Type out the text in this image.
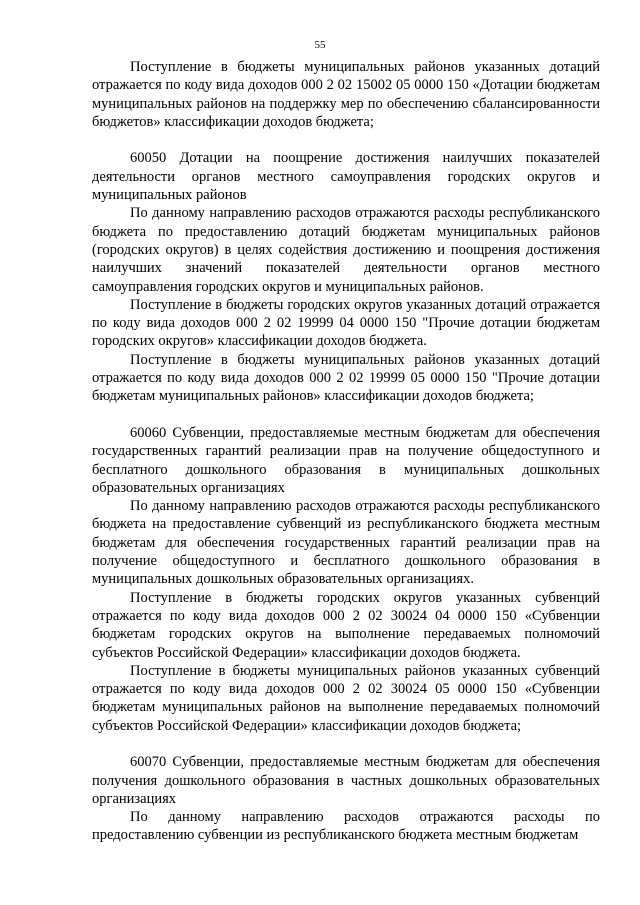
55

Поступление в бюджеты муниципальных районов указанных дотаций отражается по коду вида доходов 000 2 02 15002 05 0000 150 «Дотации бюджетам муниципальных районов на поддержку мер по обеспечению сбалансированности бюджетов» классификации доходов бюджета;

60050 Дотации на поощрение достижения наилучших показателей деятельности органов местного самоуправления городских округов и муниципальных районов

По данному направлению расходов отражаются расходы республиканского бюджета по предоставлению дотаций бюджетам муниципальных районов (городских округов) в целях содействия достижению и поощрения достижения наилучших значений показателей деятельности органов местного самоуправления городских округов и муниципальных районов.

Поступление в бюджеты городских округов указанных дотаций отражается по коду вида доходов 000 2 02 19999 04 0000 150 "Прочие дотации бюджетам городских округов» классификации доходов бюджета.

Поступление в бюджеты муниципальных районов указанных дотаций отражается по коду вида доходов 000 2 02 19999 05 0000 150 "Прочие дотации бюджетам муниципальных районов» классификации доходов бюджета;

60060 Субвенции, предоставляемые местным бюджетам для обеспечения государственных гарантий реализации прав на получение общедоступного и бесплатного дошкольного образования в муниципальных дошкольных образовательных организациях

По данному направлению расходов отражаются расходы республиканского бюджета на предоставление субвенций из республиканского бюджета местным бюджетам для обеспечения государственных гарантий реализации прав на получение общедоступного и бесплатного дошкольного образования в муниципальных дошкольных образовательных организациях.

Поступление в бюджеты городских округов указанных субвенций отражается по коду вида доходов 000 2 02 30024 04 0000 150 «Субвенции бюджетам городских округов на выполнение передаваемых полномочий субъектов Российской Федерации» классификации доходов бюджета.

Поступление в бюджеты муниципальных районов указанных субвенций отражается по коду вида доходов 000 2 02 30024 05 0000 150 «Субвенции бюджетам муниципальных районов на выполнение передаваемых полномочий субъектов Российской Федерации» классификации доходов бюджета;

60070 Субвенции, предоставляемые местным бюджетам для обеспечения получения дошкольного образования в частных дошкольных образовательных организациях

По данному направлению расходов отражаются расходы по предоставлению субвенции из республиканского бюджета местным бюджетам
